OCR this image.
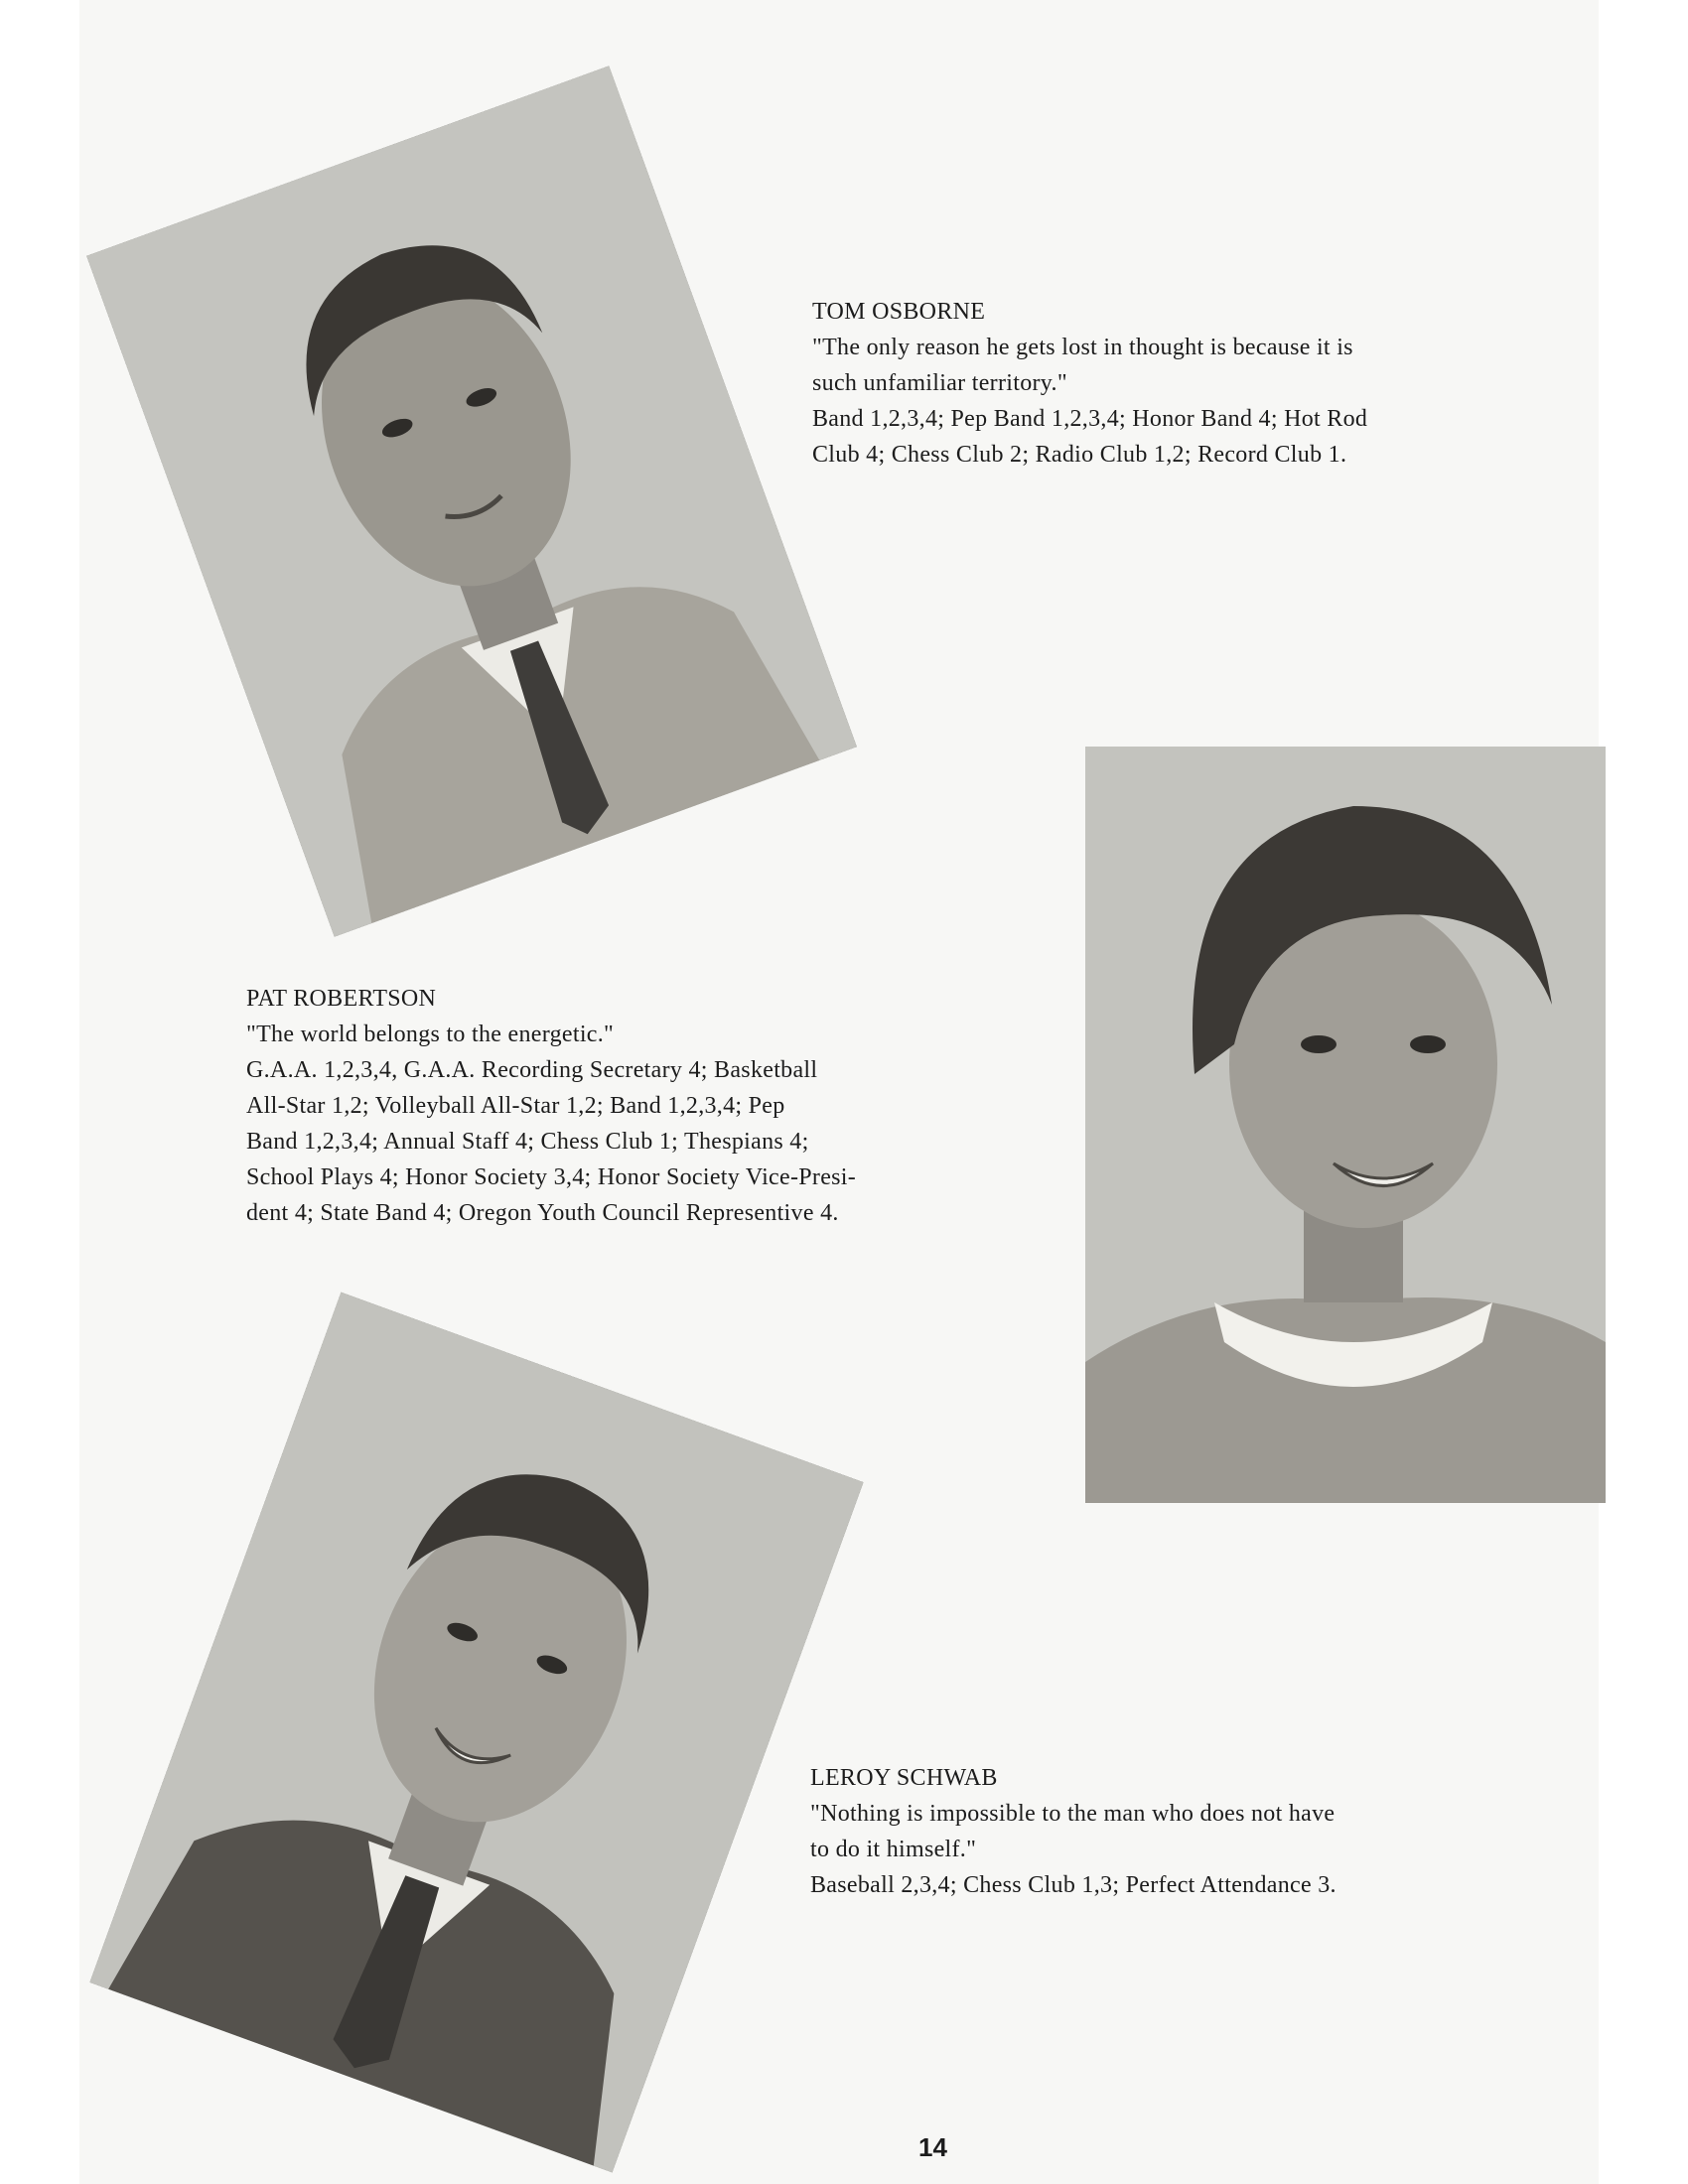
TOM OSBORNE
"The only reason he gets lost in thought is because it is
such unfamiliar territory."
Band 1,2,3,4; Pep Band 1,2,3,4; Honor Band 4; Hot Rod
Club 4; Chess Club 2; Radio Club 1,2; Record Club 1.
PAT ROBERTSON
"The world belongs to the energetic."
G.A.A. 1,2,3,4, G.A.A. Recording Secretary 4; Basketball
All-Star 1,2; Volleyball All-Star 1,2; Band 1,2,3,4; Pep
Band 1,2,3,4; Annual Staff 4; Chess Club 1; Thespians 4;
School Plays 4; Honor Society 3,4; Honor Society Vice-Presi-
dent 4; State Band 4; Oregon Youth Council Representive 4.
LEROY SCHWAB
"Nothing is impossible to the man who does not have
to do it himself."
Baseball 2,3,4; Chess Club 1,3; Perfect Attendance 3.
14
